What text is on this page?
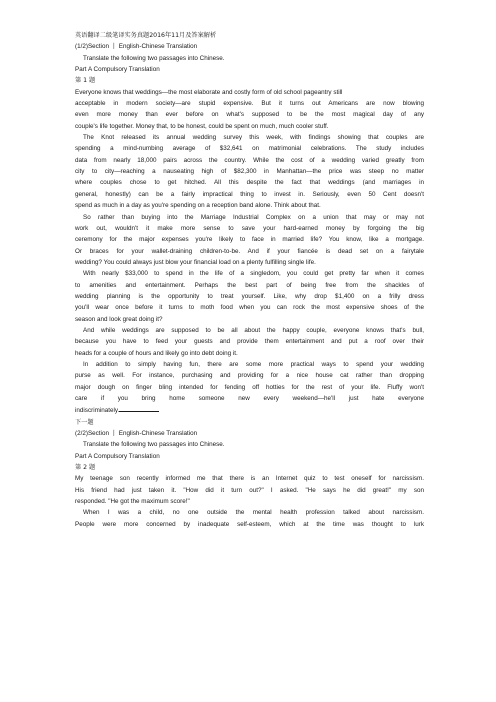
英语翻译二级笔译实务真题2016年11月及答案解析
(1/2)Section 丨 English-Chinese Translation
Translate the following two passages into Chinese.
Part A Compulsory Translation
第 1 题
Everyone knows that weddings—the most elaborate and costly form of old school pageantry still
acceptable in modern society—are stupid expensive. But it turns out Americans are now blowing
even more money than ever before on what's supposed to be the most magical day of any
couple's life together. Money that, to be honest, could be spent on much, much cooler stuff.
The Knot released its annual wedding survey this week, with findings showing that couples are
spending a mind-numbing average of $32,641 on matrimonial celebrations. The study includes
data from nearly 18,000 pairs across the country. While the cost of a wedding varied greatly from
city to city—reaching a nauseating high of $82,300 in Manhattan—the price was steep no matter
where couples chose to get hitched. All this despite the fact that weddings (and marriages in
general, honestly) can be a fairly impractical thing to invest in. Seriously, even 50 Cent doesn't
spend as much in a day as you're spending on a reception band alone. Think about that.
So rather than buying into the Marriage Industrial Complex on a union that may or may not
work out, wouldn't it make more sense to save your hard-earned money by forgoing the big
ceremony for the major expenses you're likely to face in married life? You know, like a mortgage.
Or braces for your wallet-draining children-to-be. And if your fiancée is dead set on a fairytale
wedding? You could always just blow your financial load on a plenty fulfilling single life.
With nearly $33,000 to spend in the life of a singledom, you could get pretty far when it comes
to amenities and entertainment. Perhaps the best part of being free from the shackles of
wedding planning is the opportunity to treat yourself. Like, why drop $1,400 on a frilly dress
you'll wear once before it turns to moth food when you can rock the most expensive shoes of the
season and look great doing it?
And while weddings are supposed to be all about the happy couple, everyone knows that's bull,
because you have to feed your guests and provide them entertainment and put a roof over their
heads for a couple of hours and likely go into debt doing it.
In addition to simply having fun, there are some more practical ways to spend your wedding
purse as well. For instance, purchasing and providing for a nice house cat rather than dropping
major dough on finger bling intended for fending off hotties for the rest of your life. Fluffy won't
care if you bring home someone new every weekend—he'll just hate everyone
indiscriminately.
下一题
(2/2)Section 丨 English-Chinese Translation
Translate the following two passages into Chinese.
Part A Compulsory Translation
第 2 题
My teenage son recently informed me that there is an Internet quiz to test oneself for narcissism.
His friend had just taken it. "How did it turn out?" I asked. "He says he did great!" my son
responded. "He got the maximum score!"
When I was a child, no one outside the mental health profession talked about narcissism.
People were more concerned by inadequate self-esteem, which at the time was thought to lurk
